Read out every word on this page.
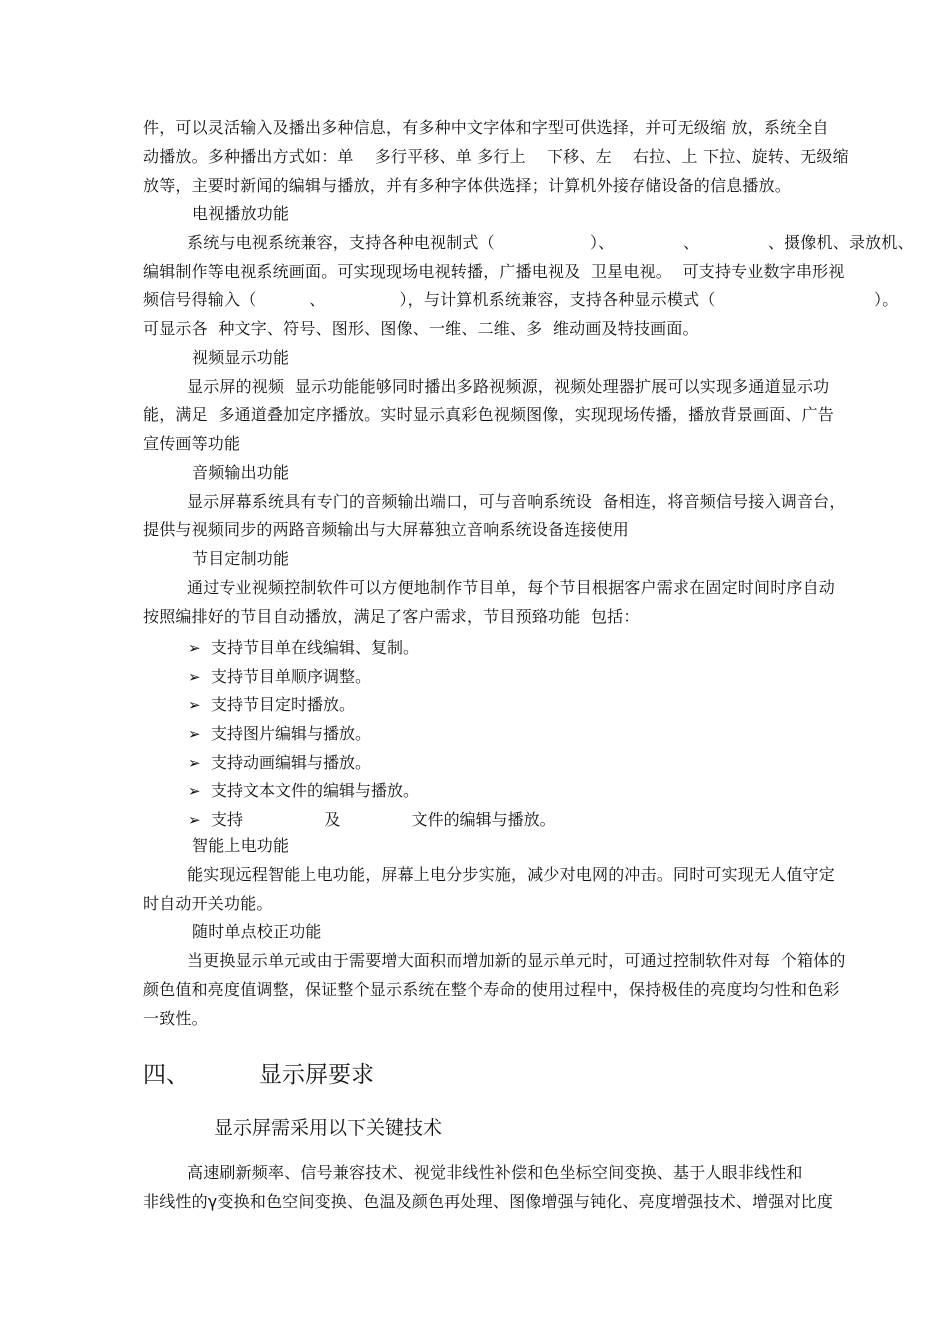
件，可以灵活输入及播出多种信息，有多种中文字体和字型可供选择，并可无级缩 放，系统全自
动播放。多种播出方式如：单    多行平移、单 多行上    下移、左    右拉、上 下拉、旋转、无级缩
放等，主要时新闻的编辑与播放，并有多种字体供选择；计算机外接存储设备的信息播放。
电视播放功能
系统与电视系统兼容，支持各种电视制式（                  ）、             、             、摄像机、录放机、
编辑制作等电视系统画面。可实现现场电视转播，广播电视及  卫星电视。  可支持专业数字串形视
频信号得输入（          、              ），与计算机系统兼容，支持各种显示模式（                              ）。
可显示各  种文字、符号、图形、图像、一维、二维、多  维动画及特技画面。
视频显示功能
显示屏的视频  显示功能能够同时播出多路视频源，视频处理器扩展可以实现多通道显示功
能，满足  多通道叠加定序播放。实时显示真彩色视频图像，实现现场传播，播放背景画面、广告
宣传画等功能
音频输出功能
显示屏幕系统具有专门的音频输出端口，可与音响系统设  备相连，将音频信号接入调音台，
提供与视频同步的两路音频输出与大屏幕独立音响系统设备连接使用
节目定制功能
通过专业视频控制软件可以方便地制作节目单，每个节目根据客户需求在固定时间时序自动
按照编排好的节目自动播放，满足了客户需求，节目预臵功能  包括：
➢ 支持节目单在线编辑、复制。
➢ 支持节目单顺序调整。
➢ 支持节目定时播放。
➢ 支持图片编辑与播放。
➢ 支持动画编辑与播放。
➢ 支持文本文件的编辑与播放。
➢ 支持                及              文件的编辑与播放。
智能上电功能
能实现远程智能上电功能，屏幕上电分步实施，减少对电网的冲击。同时可实现无人值守定
时自动开关功能。
随时单点校正功能
当更换显示单元或由于需要增大面积而增加新的显示单元时，可通过控制软件对每  个箱体的
颜色值和亮度值调整，保证整个显示系统在整个寿命的使用过程中，保持极佳的亮度均匀性和色彩
一致性。
四、	显示屏要求
显示屏需采用以下关键技术
高速刷新频率、信号兼容技术、视觉非线性补偿和色坐标空间变换、基于人眼非线性和
非线性的γ变换和色空间变换、色温及颜色再处理、图像增强与钝化、亮度增强技术、增强对比度
